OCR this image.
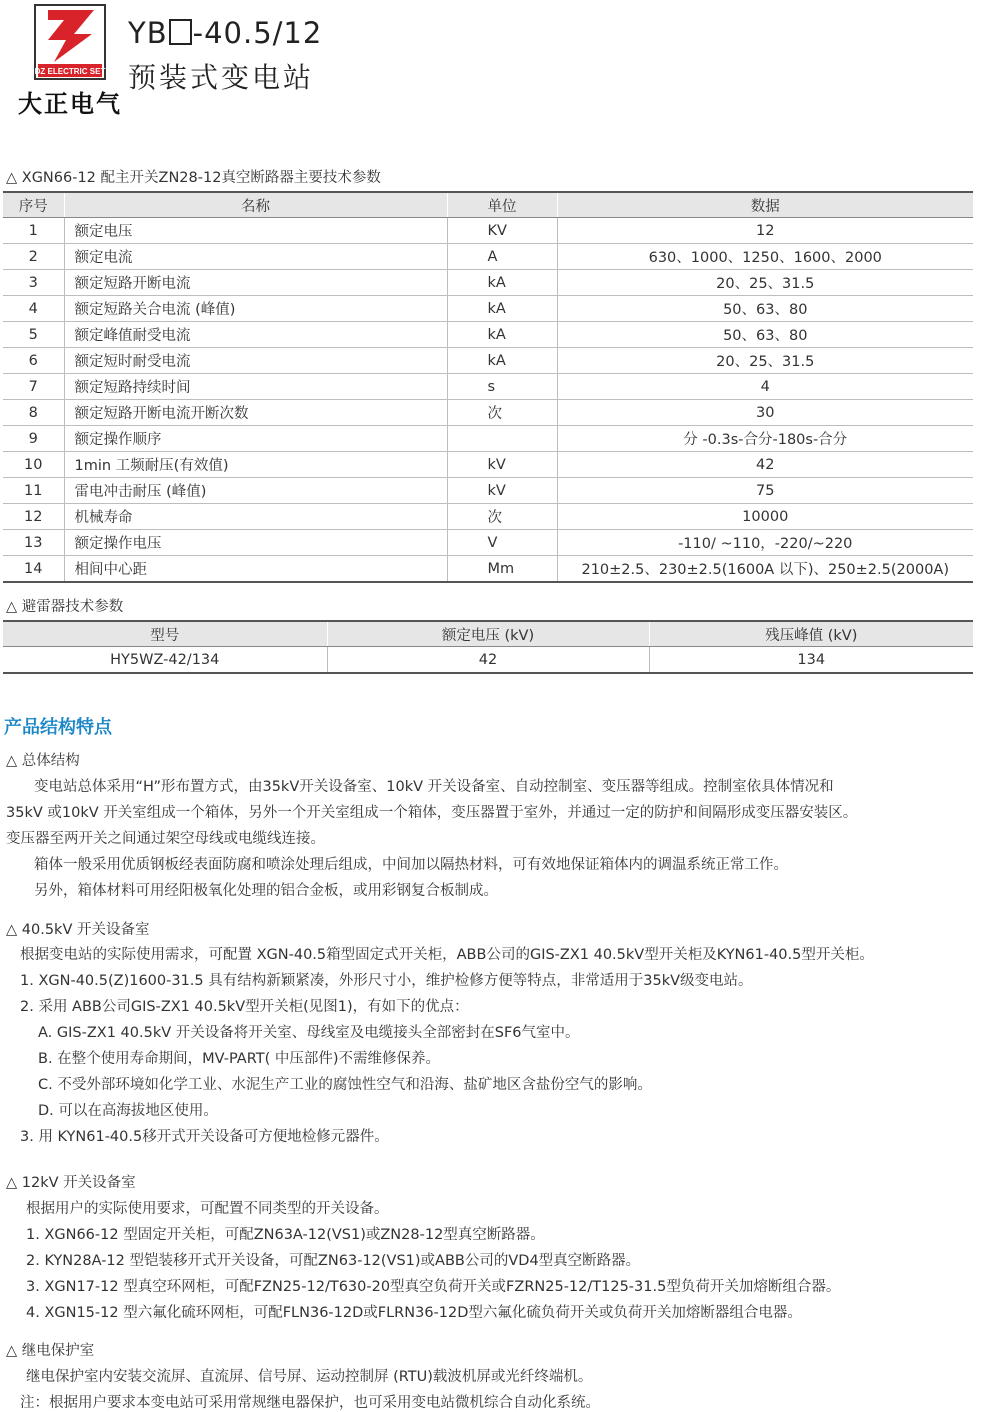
DZ ELECTRIC SET
大正电气
YB -40.5/12
预装式变电站
△ XGN66-12 配主开关ZN28-12真空断路器主要技术参数
序号	名称	单位	数据
1	额定电压	KV	12
2	额定电流	A	630、1000、1250、1600、2000
3	额定短路开断电流	kA	20、25、31.5
4	额定短路关合电流 (峰值)	kA	50、63、80
5	额定峰值耐受电流	kA	50、63、80
6	额定短时耐受电流	kA	20、25、31.5
7	额定短路持续时间	s	4
8	额定短路开断电流开断次数	次	30
9	额定操作顺序		分 -0.3s-合分-180s-合分
10	1min 工频耐压(有效值)	kV	42
11	雷电冲击耐压 (峰值)	kV	75
12	机械寿命	次	10000
13	额定操作电压	V	-110/ ~110，-220/~220
14	相间中心距	Mm	210±2.5、230±2.5(1600A 以下)、250±2.5(2000A)
△ 避雷器技术参数
型号	额定电压 (kV)	残压峰值 (kV)
HY5WZ-42/134	42	134
产品结构特点
△ 总体结构
变电站总体采用“H”形布置方式，由35kV开关设备室、10kV 开关设备室、自动控制室、变压器等组成。控制室依具体情况和
35kV 或10kV 开关室组成一个箱体，另外一个开关室组成一个箱体，变压器置于室外，并通过一定的防护和间隔形成变压器安装区。
变压器至两开关之间通过架空母线或电缆线连接。
箱体一般采用优质钢板经表面防腐和喷涂处理后组成，中间加以隔热材料，可有效地保证箱体内的调温系统正常工作。
另外，箱体材料可用经阳极氧化处理的铝合金板，或用彩钢复合板制成。
△ 40.5kV 开关设备室
根据变电站的实际使用需求，可配置 XGN-40.5箱型固定式开关柜，ABB公司的GIS-ZX1 40.5kV型开关柜及KYN61-40.5型开关柜。
1. XGN-40.5(Z)1600-31.5 具有结构新颖紧凑，外形尺寸小，维护检修方便等特点，非常适用于35kV级变电站。
2. 采用 ABB公司GIS-ZX1 40.5kV型开关柜(见图1)，有如下的优点：
A. GIS-ZX1 40.5kV 开关设备将开关室、母线室及电缆接头全部密封在SF6气室中。
B. 在整个使用寿命期间，MV-PART( 中压部件)不需维修保养。
C. 不受外部环境如化学工业、水泥生产工业的腐蚀性空气和沿海、盐矿地区含盐份空气的影响。
D. 可以在高海拔地区使用。
3. 用 KYN61-40.5移开式开关设备可方便地检修元器件。
△ 12kV 开关设备室
根据用户的实际使用要求，可配置不同类型的开关设备。
1. XGN66-12 型固定开关柜，可配ZN63A-12(VS1)或ZN28-12型真空断路器。
2. KYN28A-12 型铠装移开式开关设备，可配ZN63-12(VS1)或ABB公司的VD4型真空断路器。
3. XGN17-12 型真空环网柜，可配FZN25-12/T630-20型真空负荷开关或FZRN25-12/T125-31.5型负荷开关加熔断组合器。
4. XGN15-12 型六氟化硫环网柜，可配FLN36-12D或FLRN36-12D型六氟化硫负荷开关或负荷开关加熔断器组合电器。
△ 继电保护室
继电保护室内安装交流屏、直流屏、信号屏、运动控制屏 (RTU)载波机屏或光纤终端机。
注：根据用户要求本变电站可采用常规继电器保护，也可采用变电站微机综合自动化系统。
